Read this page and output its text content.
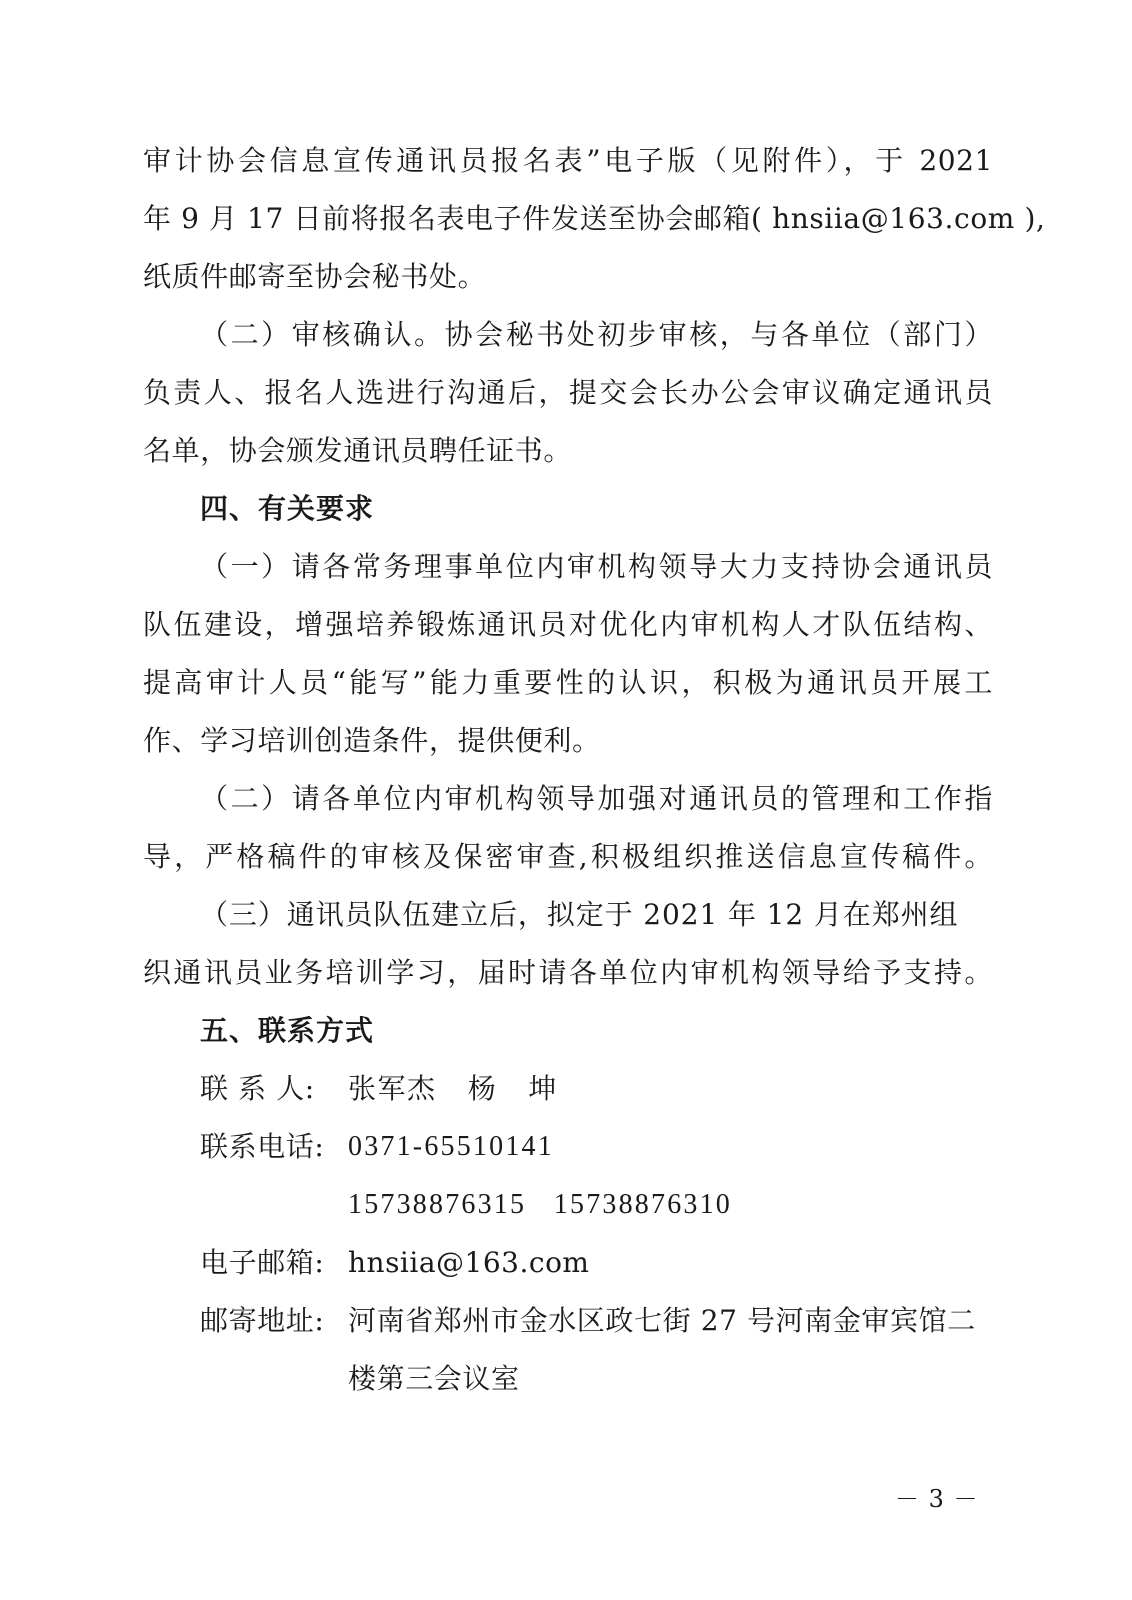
审计协会信息宣传通讯员报名表”电子版（见附件），于 2021
年 9 月 17 日前将报名表电子件发送至协会邮箱( hnsiia@163.com ),
纸质件邮寄至协会秘书处。
（二）审核确认。协会秘书处初步审核，与各单位（部门）
负责人、报名人选进行沟通后，提交会长办公会审议确定通讯员
名单，协会颁发通讯员聘任证书。
四、有关要求
（一）请各常务理事单位内审机构领导大力支持协会通讯员
队伍建设，增强培养锻炼通讯员对优化内审机构人才队伍结构、
提高审计人员“能写”能力重要性的认识，积极为通讯员开展工
作、学习培训创造条件，提供便利。
（二）请各单位内审机构领导加强对通讯员的管理和工作指
导，严格稿件的审核及保密审查,积极组织推送信息宣传稿件。
（三）通讯员队伍建立后，拟定于 2021 年 12 月在郑州组
织通讯员业务培训学习，届时请各单位内审机构领导给予支持。
五、联系方式
联 系 人: 张军杰   杨   坤
联系电话: 0371-65510141
15738876315   15738876310
电子邮箱: hnsiia@163.com
邮寄地址: 河南省郑州市金水区政七街 27 号河南金审宾馆二
楼第三会议室
－ 3 －
